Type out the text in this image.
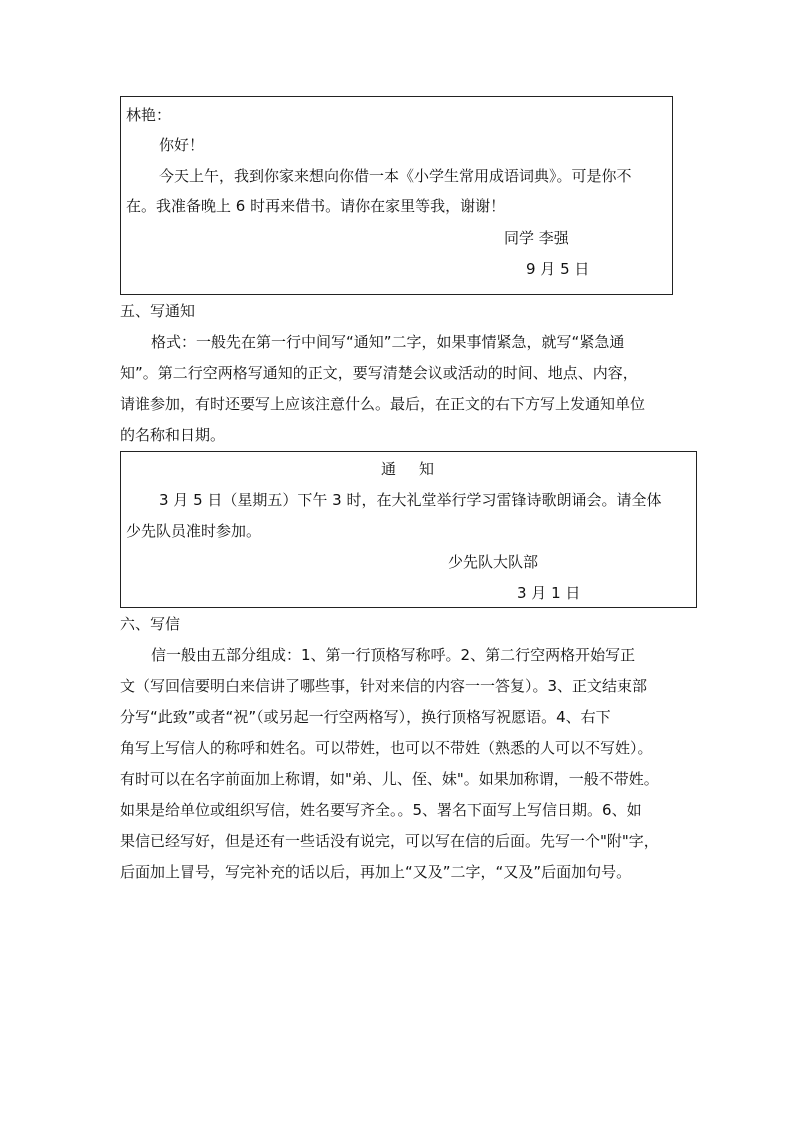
林艳：
你好！
今天上午，我到你家来想向你借一本《小学生常用成语词典》。可是你不
在。我准备晚上 6 时再来借书。请你在家里等我，谢谢！
同学 李强
9 月 5 日
五、写通知
格式：一般先在第一行中间写“通知”二字，如果事情紧急，就写“紧急通
知”。第二行空两格写通知的正文，要写清楚会议或活动的时间、地点、内容，
请谁参加，有时还要写上应该注意什么。最后，在正文的右下方写上发通知单位
的名称和日期。
通　知
3 月 5 日（星期五）下午 3 时，在大礼堂举行学习雷锋诗歌朗诵会。请全体
少先队员准时参加。
少先队大队部
3 月 1 日
六、写信
信一般由五部分组成：1、第一行顶格写称呼。2、第二行空两格开始写正
文（写回信要明白来信讲了哪些事，针对来信的内容一一答复）。3、正文结束部
分写“此致”或者“祝”（或另起一行空两格写），换行顶格写祝愿语。4、右下
角写上写信人的称呼和姓名。可以带姓，也可以不带姓（熟悉的人可以不写姓）。
有时可以在名字前面加上称谓，如"弟、儿、侄、妹"。如果加称谓，一般不带姓。
如果是给单位或组织写信，姓名要写齐全。。5、署名下面写上写信日期。6、如
果信已经写好，但是还有一些话没有说完，可以写在信的后面。先写一个"附"字，
后面加上冒号，写完补充的话以后，再加上“又及”二字，“又及”后面加句号。
